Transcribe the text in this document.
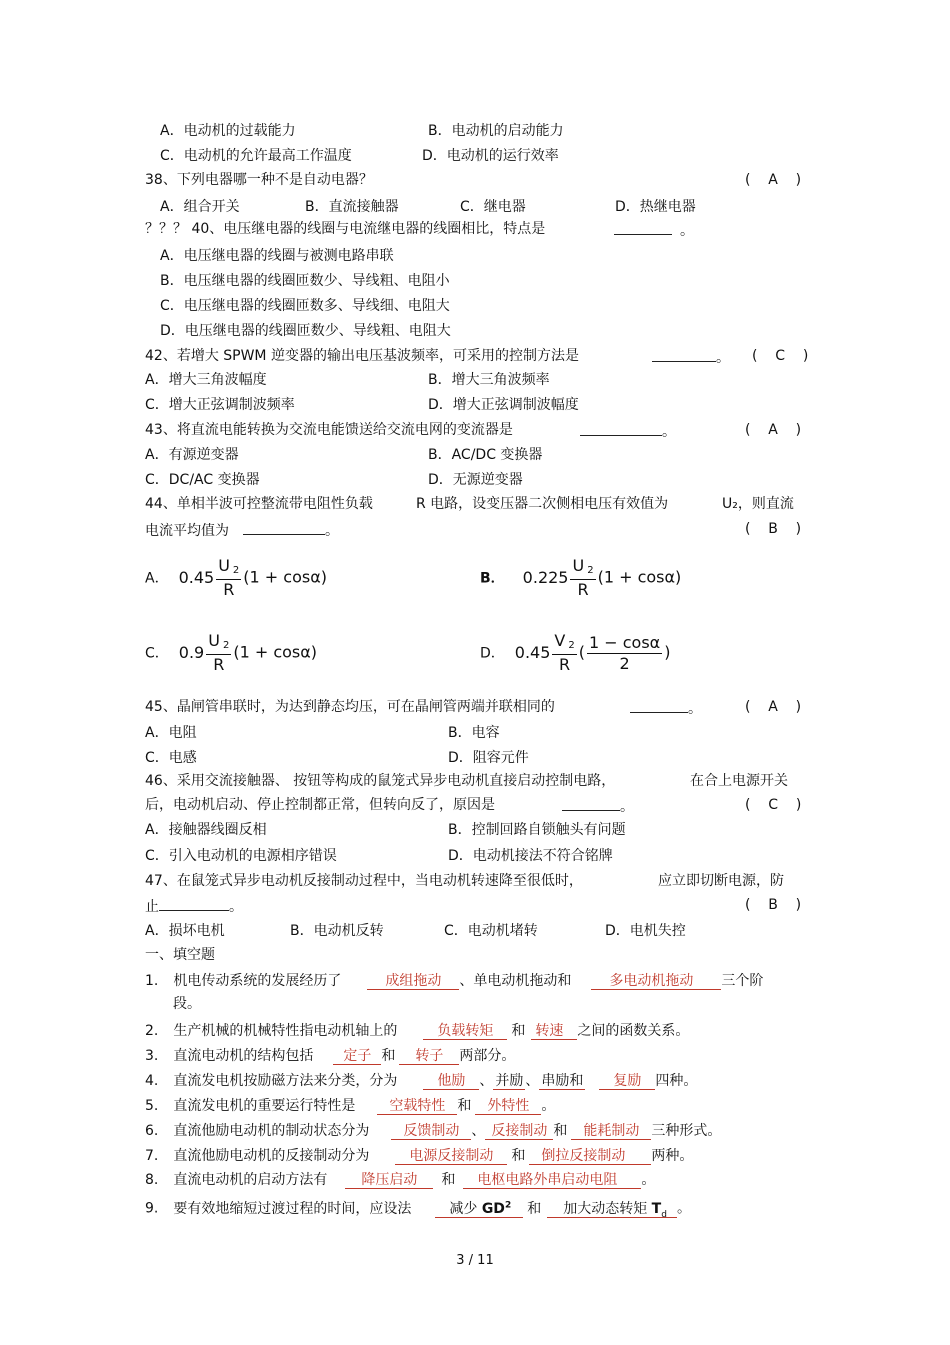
A．电动机的过载能力	B．电动机的启动能力
C．电动机的允许最高工作温度	D．电动机的运行效率
38、下列电器哪一种不是自动电器？	(    A    )
A．组合开关	B．直流接触器	C．继电器	D．热继电器
？？？ 40、电压继电器的线圈与电流继电器的线圈相比，特点是	。
A．电压继电器的线圈与被测电路串联
B．电压继电器的线圈匝数少、导线粗、电阻小
C．电压继电器的线圈匝数多、导线细、电阻大
D．电压继电器的线圈匝数少、导线粗、电阻大
42、若增大 SPWM 逆变器的输出电压基波频率，可采用的控制方法是	。 (    C    )
A．增大三角波幅度	B．增大三角波频率
C．增大正弦调制波频率	D．增大正弦调制波幅度
43、将直流电能转换为交流电能馈送给交流电网的变流器是	。	(    A    )
A．有源逆变器	B．AC/DC 变换器
C．DC/AC 变换器	D．无源逆变器
44、单相半波可控整流带电阻性负载	R 电路，设变压器二次侧相电压有效值为	U₂，则直流
电流平均值为	。	(    B    )
A． $0.45 \frac{U 2}{R} (1 + \cos\alpha)$	B． $0.225 \frac{U 2}{R} (1 + \cos\alpha)$
C． $0.9 \frac{U 2}{R} (1 + \cos\alpha)$	D． $0.45 \frac{V 2}{R}$ ( $\frac{1 - \cos\alpha}{2}$ )
45、晶闸管串联时，为达到静态均压，可在晶闸管两端并联相同的	。	(    A    )
A．电阻	B．电容
C．电感	D．阻容元件
46、采用交流接触器、 按钮等构成的鼠笼式异步电动机直接启动控制电路，	在合上电源开关
后，电动机启动、停止控制都正常，但转向反了，原因是	。	(    C    )
A．接触器线圈反相	B．控制回路自锁触头有问题
C．引入电动机的电源相序错误	D．电动机接法不符合铭牌
47、在鼠笼式异步电动机反接制动过程中，当电动机转速降至很低时，	应立即切断电源，防
止	。	(    B    )
A．损坏电机	B．电动机反转	C．电动机堵转	D．电机失控
一、填空题
1. 机电传动系统的发展经历了	成组拖动 、单电动机拖动和	多电动机拖动 三个阶
段。
2. 生产机械的机械特性指电动机轴上的	负载转矩 和 转速 之间的函数关系。
3. 直流电动机的结构包括 定子 和 转子 两部分。
4. 直流发电机按励磁方法来分类，分为	他励 、 并励 、 串励和 复励 四种。
5. 直流发电机的重要运行特性是 空载特性 和 外特性 。
6. 直流他励电动机的制动状态分为 反馈制动 、 反接制动 和 能耗制动 三种形式。
7. 直流他励电动机的反接制动分为	电源反接制动 和 倒拉反接制动 两种。
8. 直流电动机的启动方法有 降压启动 和 电枢电路外串启动电阻 。
9. 要有效地缩短过渡过程的时间，应设法	减少 $GD^2$ 和 加大动态转矩 $T_d$ 。
3 / 11
